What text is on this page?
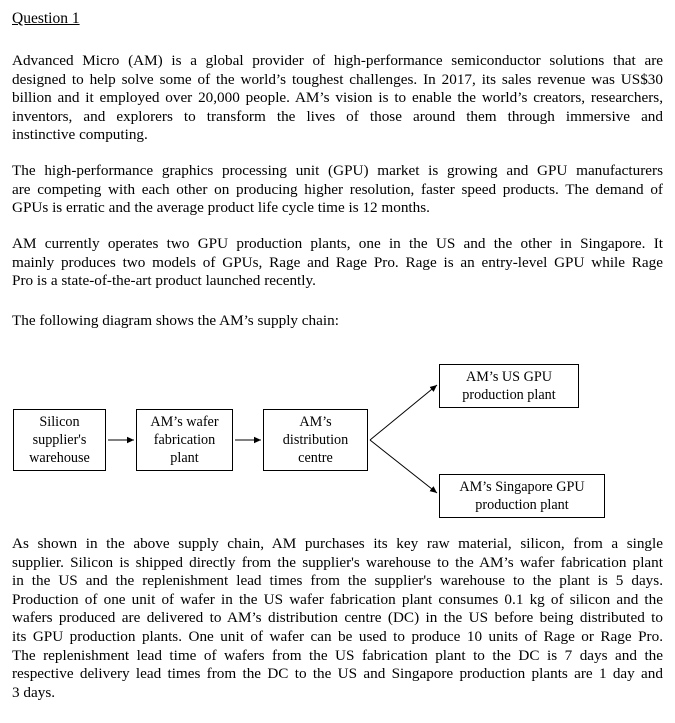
Question 1

Advanced Micro (AM) is a global provider of high-performance semiconductor solutions that are
designed to help solve some of the world’s toughest challenges. In 2017, its sales revenue was US$30
billion and it employed over 20,000 people. AM’s vision is to enable the world’s creators, researchers,
inventors, and explorers to transform the lives of those around them through immersive and
instinctive computing.

The high-performance graphics processing unit (GPU) market is growing and GPU manufacturers
are competing with each other on producing higher resolution, faster speed products. The demand of
GPUs is erratic and the average product life cycle time is 12 months.

AM currently operates two GPU production plants, one in the US and the other in Singapore. It
mainly produces two models of GPUs, Rage and Rage Pro. Rage is an entry-level GPU while Rage
Pro is a state-of-the-art product launched recently.

The following diagram shows the AM’s supply chain:

Silicon
supplier's
warehouse
AM’s wafer
fabrication
plant
AM’s
distribution
centre
AM’s US GPU
production plant
AM’s Singapore GPU
production plant

As shown in the above supply chain, AM purchases its key raw material, silicon, from a single
supplier. Silicon is shipped directly from the supplier's warehouse to the AM’s wafer fabrication plant
in the US and the replenishment lead times from the supplier's warehouse to the plant is 5 days.
Production of one unit of wafer in the US wafer fabrication plant consumes 0.1 kg of silicon and the
wafers produced are delivered to AM’s distribution centre (DC) in the US before being distributed to
its GPU production plants. One unit of wafer can be used to produce 10 units of Rage or Rage Pro.
The replenishment lead time of wafers from the US fabrication plant to the DC is 7 days and the
respective delivery lead times from the DC to the US and Singapore production plants are 1 day and
3 days.
